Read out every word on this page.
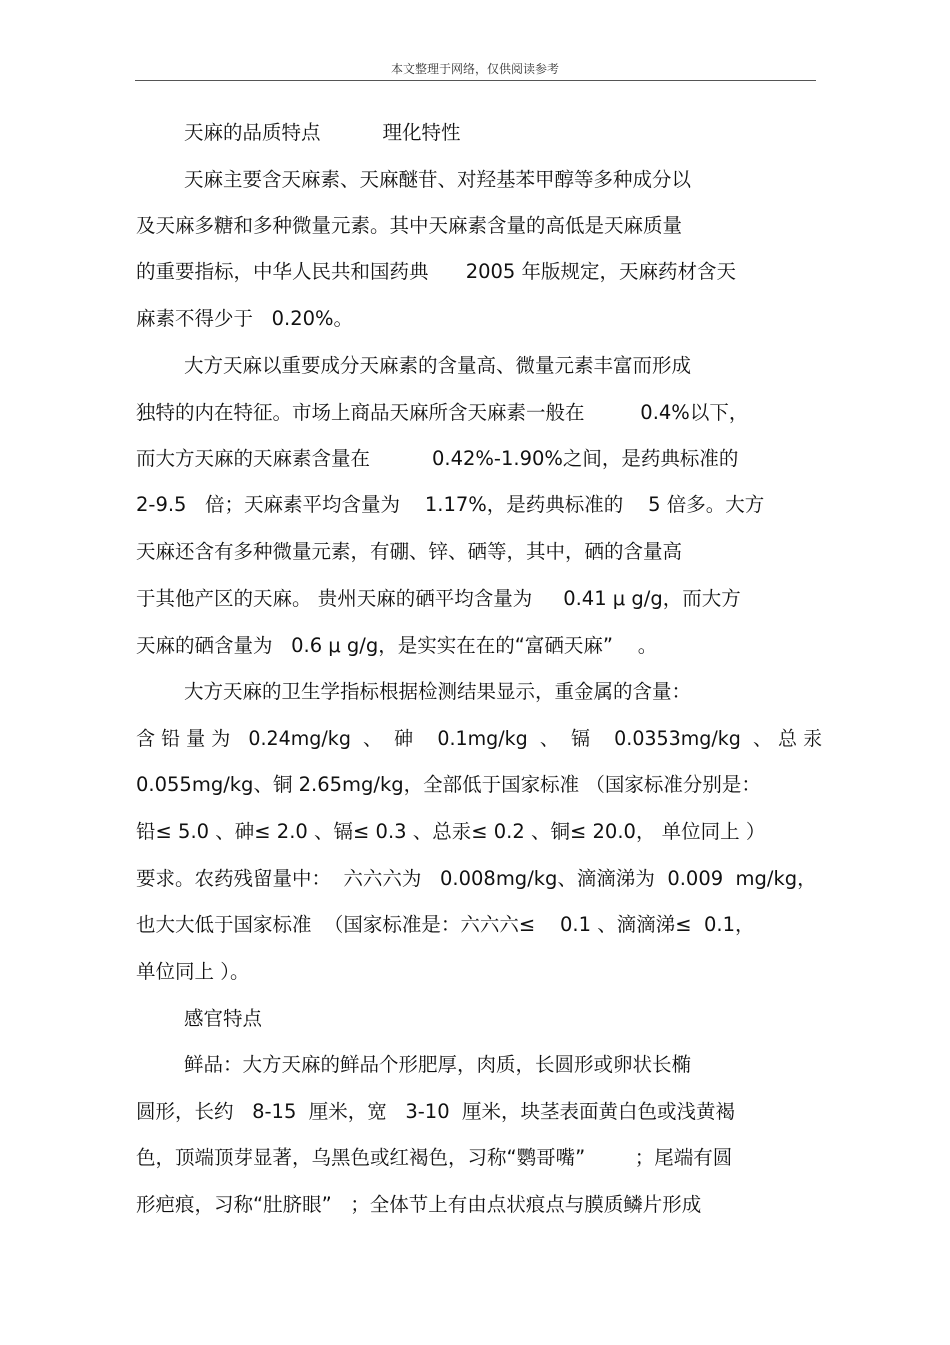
本文整理于网络，仅供阅读参考
天麻的品质特点          理化特性
天麻主要含天麻素、天麻醚苷、对羟基苯甲醇等多种成分以
及天麻多糖和多种微量元素。其中天麻素含量的高低是天麻质量
的重要指标，中华人民共和国药典      2005 年版规定，天麻药材含天
麻素不得少于   0.20%。
大方天麻以重要成分天麻素的含量高、微量元素丰富而形成
独特的内在特征。市场上商品天麻所含天麻素一般在         0.4%以下，
而大方天麻的天麻素含量在          0.42%-1.90%之间，是药典标准的
2-9.5   倍；天麻素平均含量为    1.17%，是药典标准的    5 倍多。大方
天麻还含有多种微量元素，有硼、锌、硒等，其中，硒的含量高
于其他产区的天麻。 贵州天麻的硒平均含量为     0.41 μ g/g，而大方
天麻的硒含量为   0.6 μ g/g，是实实在在的“富硒天麻”    。
大方天麻的卫生学指标根据检测结果显示，重金属的含量：
含 铅 量 为   0.24mg/kg  、  砷    0.1mg/kg  、  镉    0.0353mg/kg  、 总 汞
0.055mg/kg、铜 2.65mg/kg，全部低于国家标准 （国家标准分别是：
铅≤ 5.0 、砷≤ 2.0 、镉≤ 0.3 、总汞≤ 0.2 、铜≤ 20.0， 单位同上 ）
要求。农药残留量中：  六六六为   0.008mg/kg、滴滴涕为  0.009  mg/kg，
也大大低于国家标准  （国家标准是：六六六≤    0.1 、滴滴涕≤  0.1，
单位同上 ）。
感官特点
鲜品：大方天麻的鲜品个形肥厚，肉质，长圆形或卵状长椭
圆形，长约   8-15  厘米，宽   3-10  厘米，块茎表面黄白色或浅黄褐
色，顶端顶芽显著，乌黑色或红褐色，习称“鹦哥嘴”        ；尾端有圆
形疤痕，习称“肚脐眼”   ；全体节上有由点状痕点与膜质鳞片形成
